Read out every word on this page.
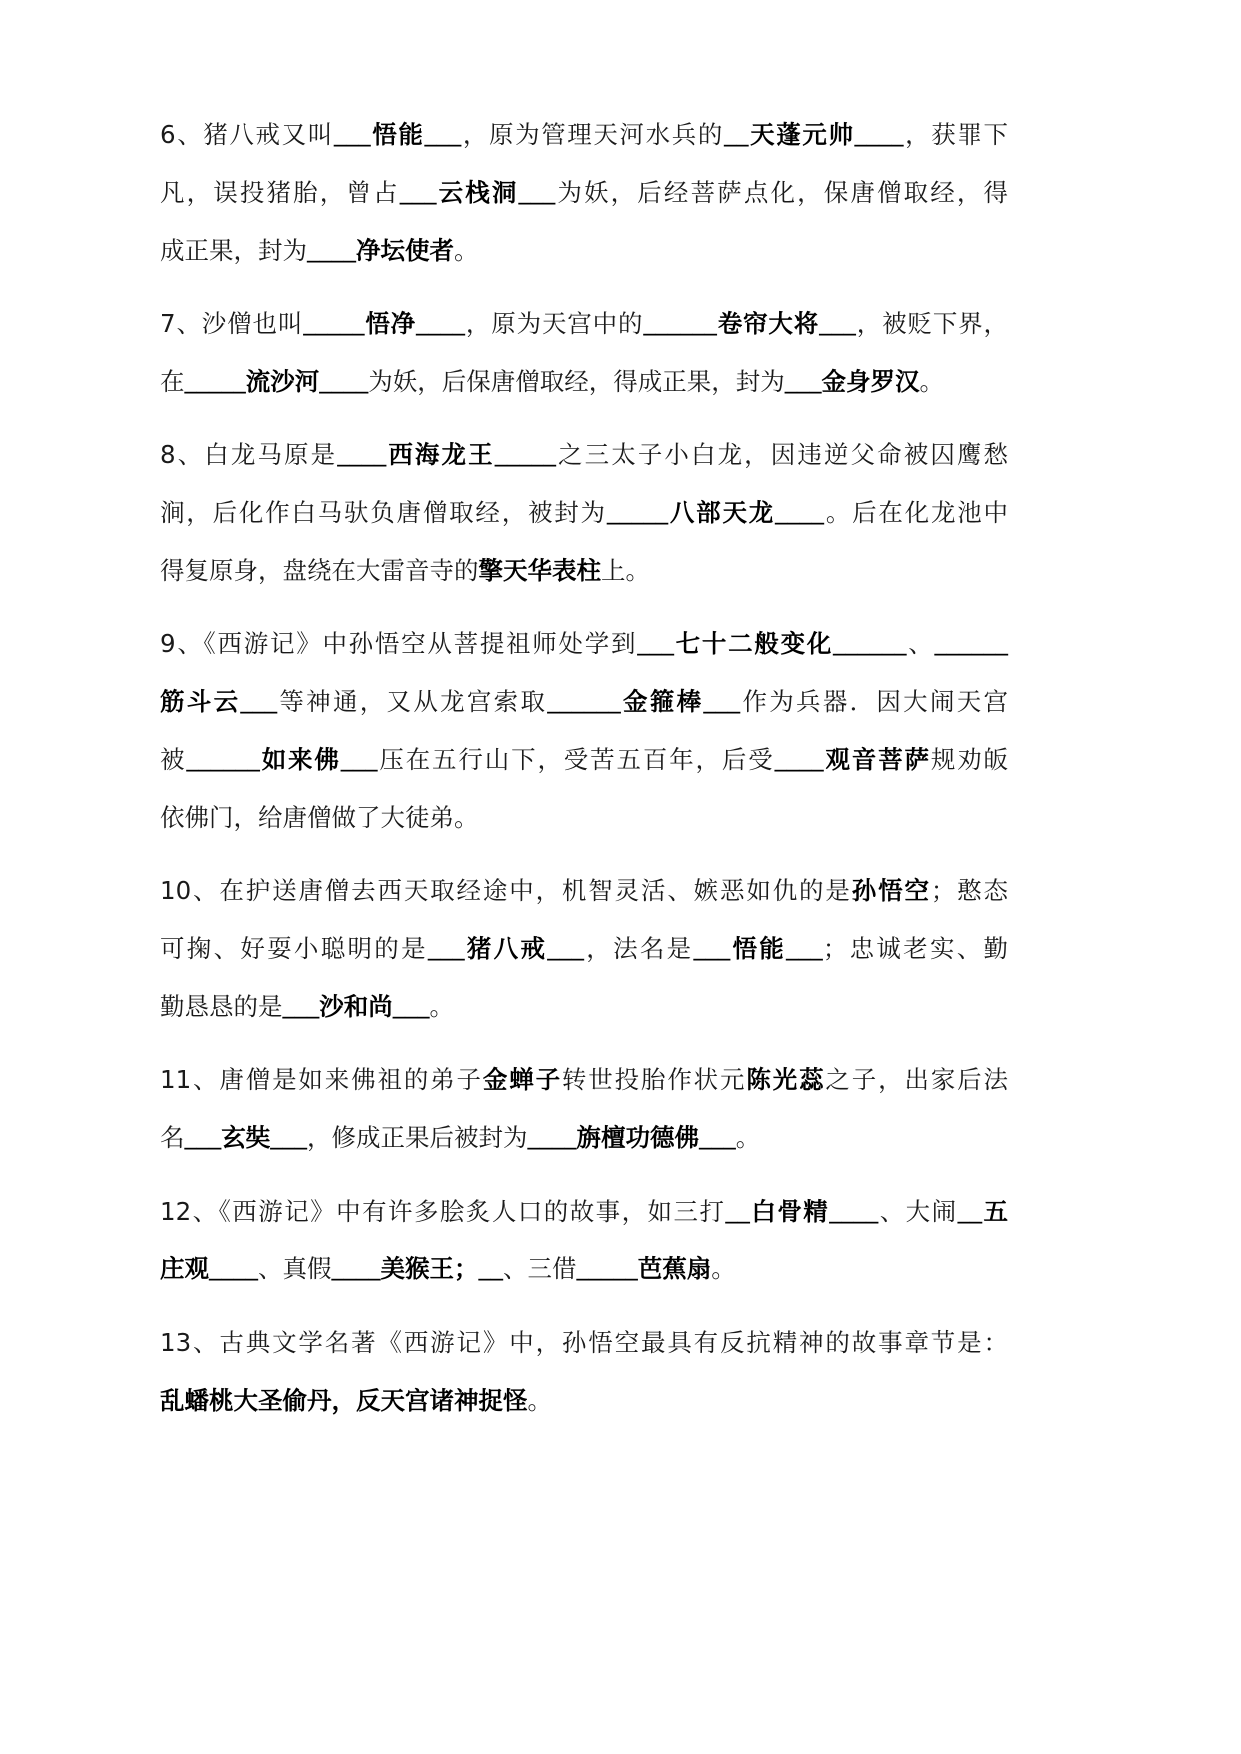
6、猪八戒又叫___悟能___，原为管理天河水兵的__天蓬元帅____，获罪下
凡，误投猪胎，曾占___云栈洞___为妖，后经菩萨点化，保唐僧取经，得
成正果，封为____净坛使者。
7、沙僧也叫_____悟净____，原为天宫中的______卷帘大将___，被贬下界，
在_____流沙河____为妖，后保唐僧取经，得成正果，封为___金身罗汉。
8、白龙马原是____西海龙王_____之三太子小白龙，因违逆父命被囚鹰愁
涧，后化作白马驮负唐僧取经，被封为_____八部天龙____。后在化龙池中
得复原身，盘绕在大雷音寺的擎天华表柱上。
9、《西游记》中孙悟空从菩提祖师处学到___七十二般变化______、______
筋斗云___等神通，又从龙宫索取______金箍棒___作为兵器．因大闹天宫
被______如来佛___压在五行山下，受苦五百年，后受____观音菩萨规劝皈
依佛门，给唐僧做了大徒弟。
10、在护送唐僧去西天取经途中，机智灵活、嫉恶如仇的是孙悟空；憨态
可掬、好耍小聪明的是___猪八戒___，法名是___悟能___；忠诚老实、勤
勤恳恳的是___沙和尚___。
11、唐僧是如来佛祖的弟子金蝉子转世投胎作状元陈光蕊之子，出家后法
名___玄奘___，修成正果后被封为____旃檀功德佛___。
12、《西游记》中有许多脍炙人口的故事，如三打__白骨精____、大闹__五
庄观____、真假____美猴王；__、三借_____芭蕉扇。
13、古典文学名著《西游记》中，孙悟空最具有反抗精神的故事章节是：
乱蟠桃大圣偷丹，反天宫诸神捉怪。
